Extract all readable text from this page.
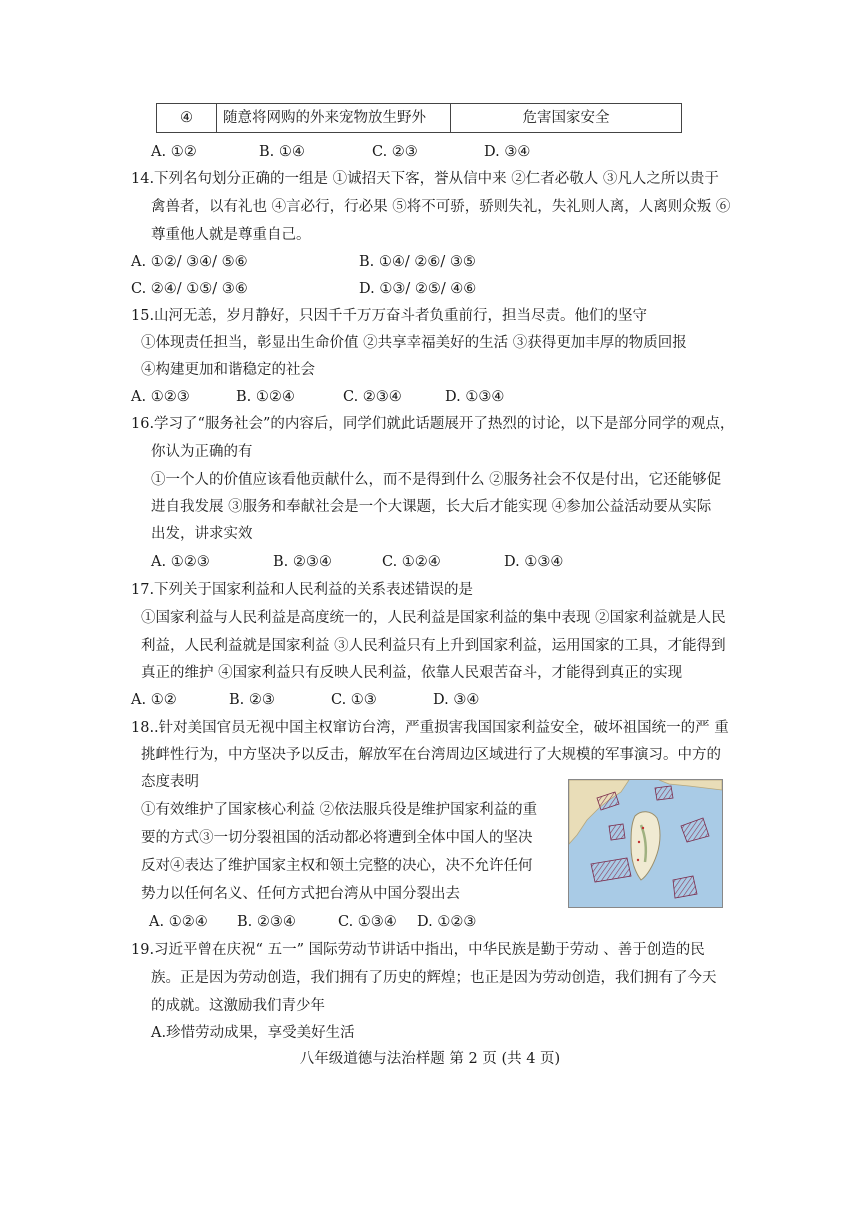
④	随意将网购的外来宠物放生野外	危害国家安全
A. ①②	B. ①④	C. ②③	D. ③④
14.下列名句划分正确的一组是 ①诚招天下客，誉从信中来 ②仁者必敬人 ③凡人之所以贵于
禽兽者，以有礼也 ④言必行，行必果 ⑤将不可骄，骄则失礼，失礼则人离，人离则众叛 ⑥
尊重他人就是尊重自己。
A. ①②/ ③④/ ⑤⑥	B. ①④/ ②⑥/ ③⑤
C. ②④/ ①⑤/ ③⑥	D. ①③/ ②⑤/ ④⑥
15.山河无恙，岁月静好，只因千千万万奋斗者负重前行，担当尽责。他们的坚守
①体现责任担当，彰显出生命价值 ②共享幸福美好的生活 ③获得更加丰厚的物质回报
④构建更加和谐稳定的社会
A. ①②③	B. ①②④	C. ②③④	D. ①③④
16.学习了“服务社会”的内容后，同学们就此话题展开了热烈的讨论，以下是部分同学的观点，
你认为正确的有
①一个人的价值应该看他贡献什么，而不是得到什么 ②服务社会不仅是付出，它还能够促
进自我发展 ③服务和奉献社会是一个大课题，长大后才能实现 ④参加公益活动要从实际
出发，讲求实效
A. ①②③	B. ②③④	C. ①②④	D. ①③④
17.下列关于国家利益和人民利益的关系表述错误的是
①国家利益与人民利益是高度统一的，人民利益是国家利益的集中表现 ②国家利益就是人民
利益，人民利益就是国家利益 ③人民利益只有上升到国家利益，运用国家的工具，才能得到
真正的维护 ④国家利益只有反映人民利益，依靠人民艰苦奋斗，才能得到真正的实现
A. ①②	B. ②③	C. ①③	D. ③④
18..针对美国官员无视中国主权窜访台湾，严重损害我国国家利益安全，破坏祖国统一的严 重
挑衅性行为，中方坚决予以反击，解放军在台湾周边区域进行了大规模的军事演习。中方的
态度表明
①有效维护了国家核心利益 ②依法服兵役是维护国家利益的重
要的方式③一切分裂祖国的活动都必将遭到全体中国人的坚决
反对④表达了维护国家主权和领土完整的决心，决不允许任何
势力以任何名义、任何方式把台湾从中国分裂出去
A. ①②④ B. ②③④	C. ①③④ D. ①②③
19.习近平曾在庆祝“ 五一” 国际劳动节讲话中指出，中华民族是勤于劳动 、善于创造的民
族。正是因为劳动创造，我们拥有了历史的辉煌；也正是因为劳动创造，我们拥有了今天
的成就。这激励我们青少年
A.珍惜劳动成果，享受美好生活
八年级道德与法治样题 第 2 页 (共 4 页)
